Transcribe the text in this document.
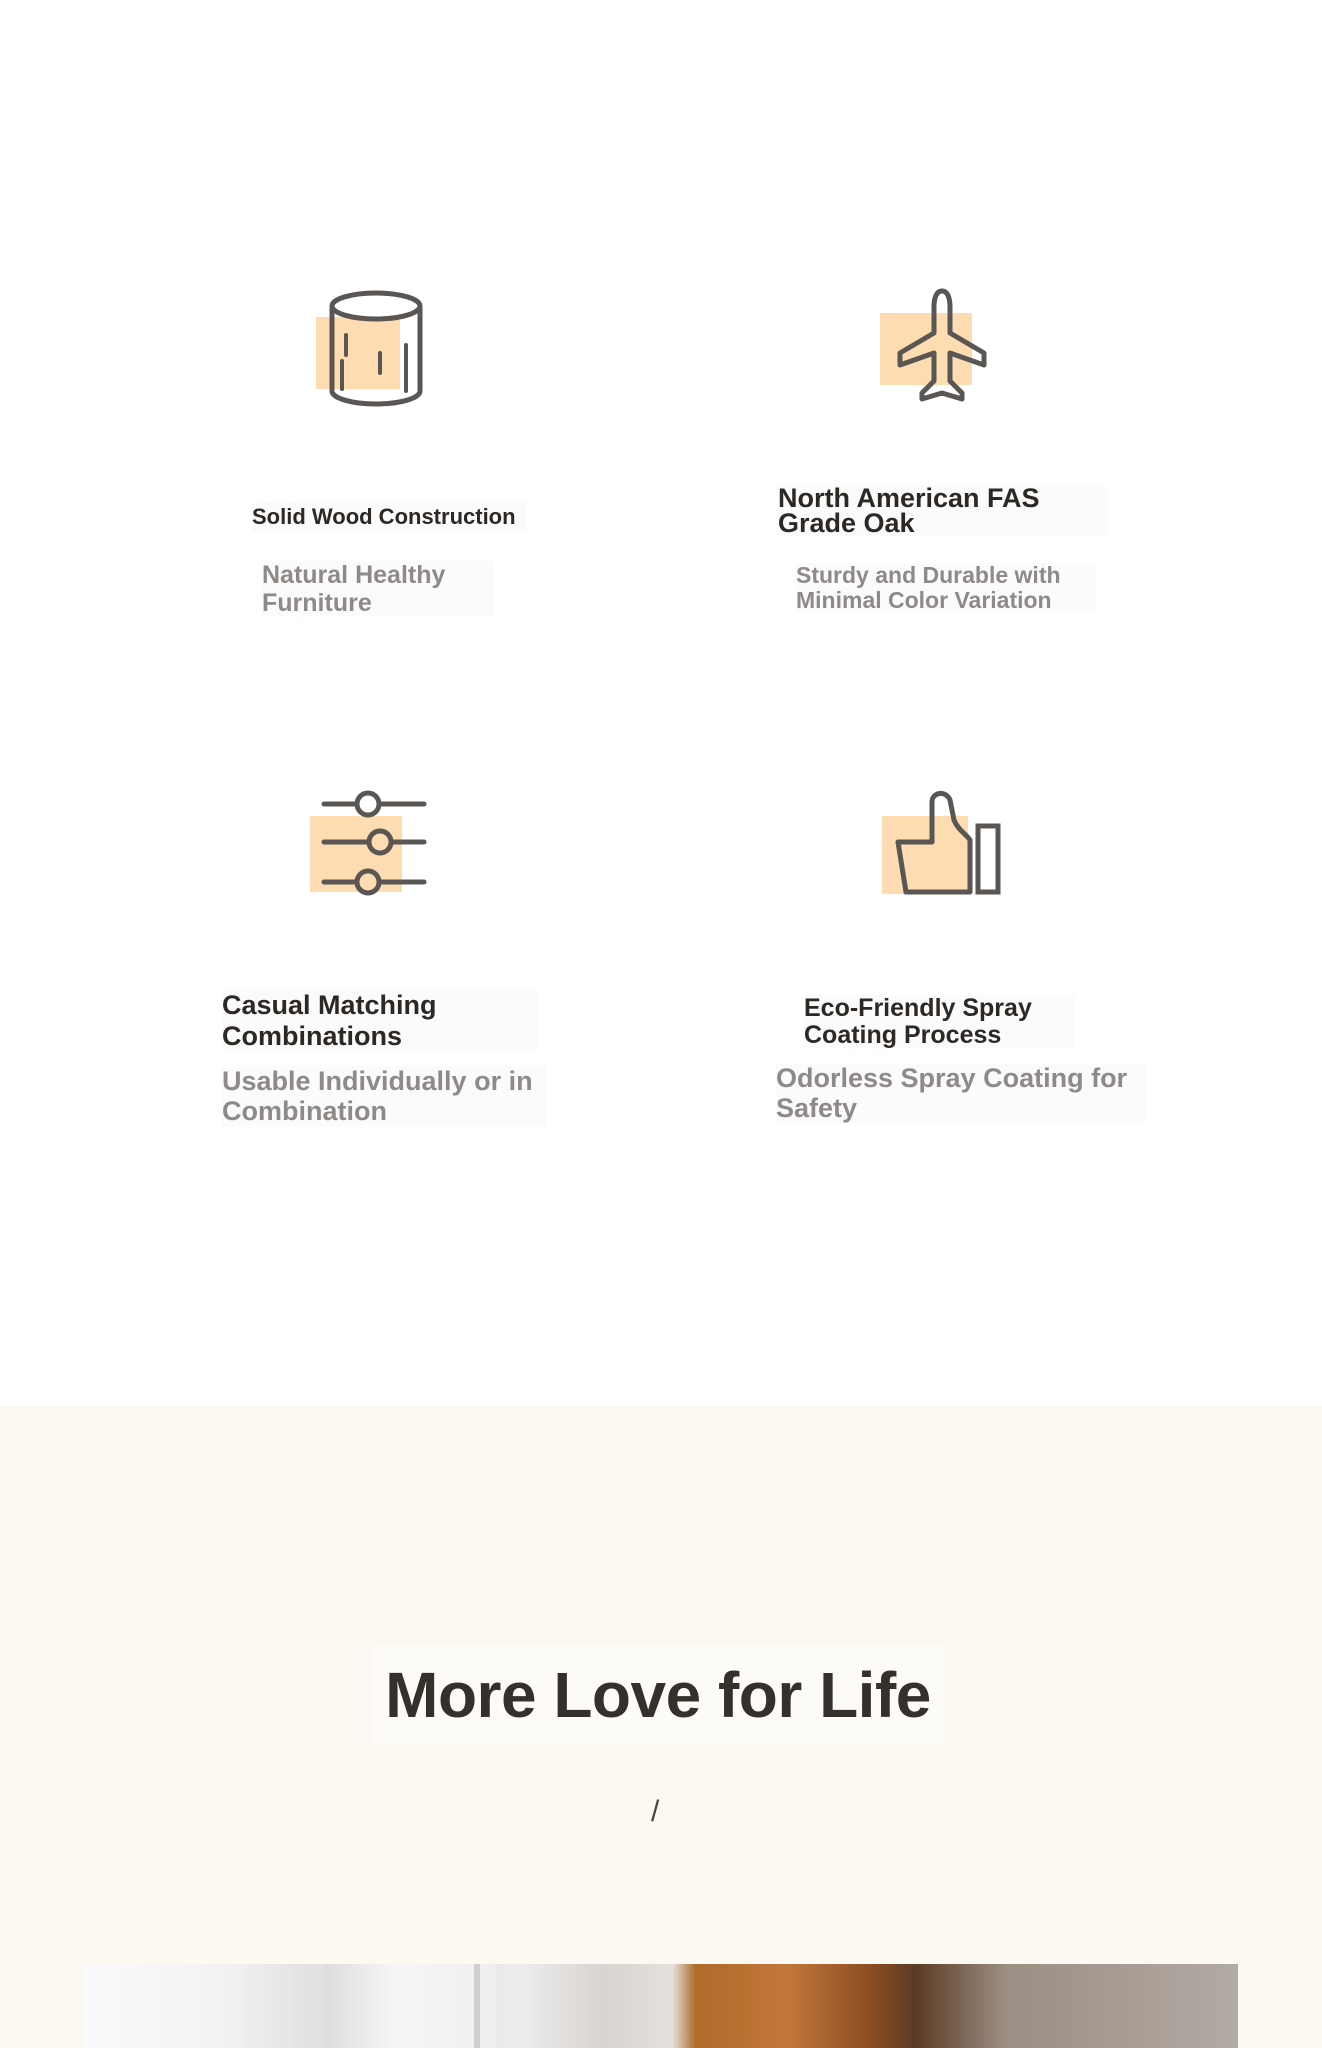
Solid Wood Construction

Natural Healthy Furniture

North American FAS Grade Oak

Sturdy and Durable with Minimal Color Variation

Casual Matching Combinations

Usable Individually or in Combination

Eco-Friendly Spray Coating Process

Odorless Spray Coating for Safety

More Love for Life
/
